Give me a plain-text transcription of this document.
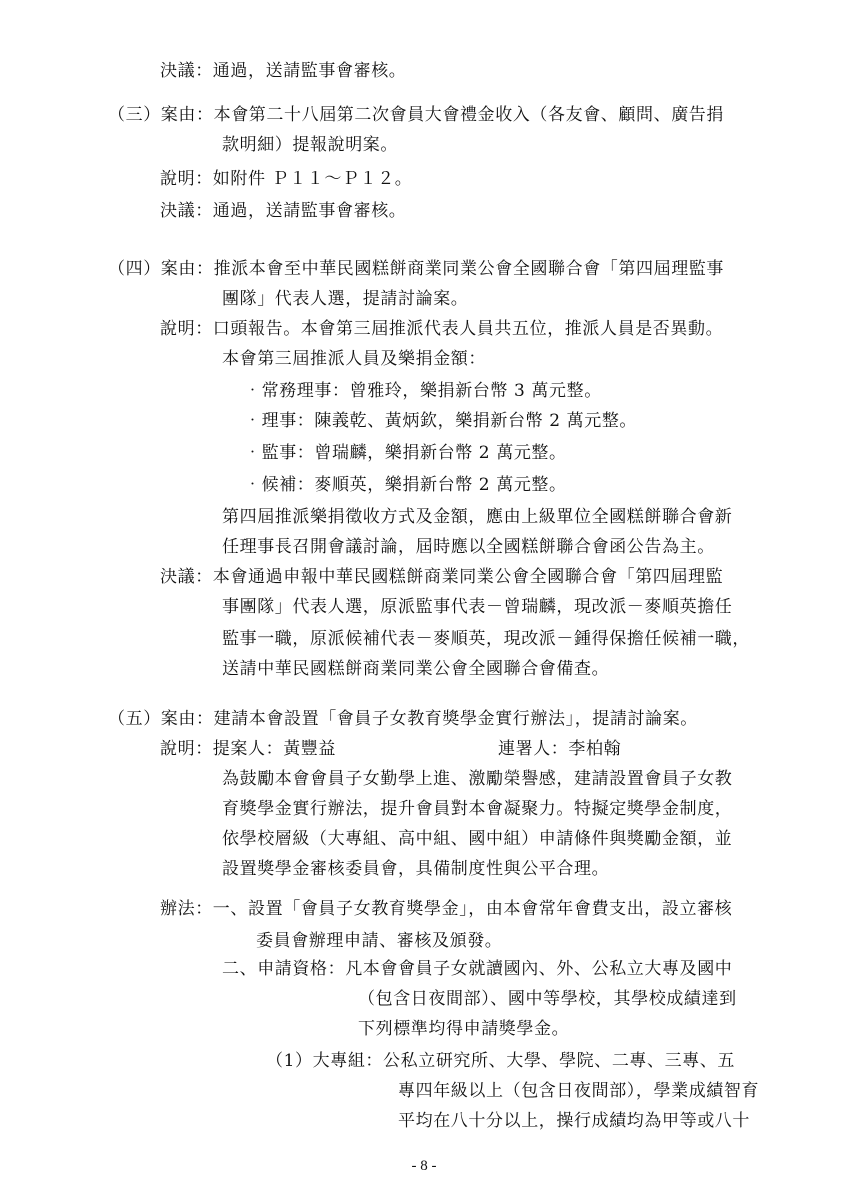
決議：通過，送請監事會審核。
（三）案由：本會第二十八屆第二次會員大會禮金收入（各友會、顧問、廣告捐
款明細）提報說明案。
說明：如附件 Ｐ１１～Ｐ１２。
決議：通過，送請監事會審核。
（四）案由：推派本會至中華民國糕餅商業同業公會全國聯合會「第四屆理監事
團隊」代表人選，提請討論案。
說明：口頭報告。本會第三屆推派代表人員共五位，推派人員是否異動。
本會第三屆推派人員及樂捐金額：
‧常務理事：曾雅玲，樂捐新台幣 3 萬元整。
‧理事：陳義乾、黃炳欽，樂捐新台幣 2 萬元整。
‧監事：曾瑞麟，樂捐新台幣 2 萬元整。
‧候補：麥順英，樂捐新台幣 2 萬元整。
第四屆推派樂捐徵收方式及金額，應由上級單位全國糕餅聯合會新
任理事長召開會議討論，屆時應以全國糕餅聯合會函公告為主。
決議：本會通過申報中華民國糕餅商業同業公會全國聯合會「第四屆理監
事團隊」代表人選，原派監事代表－曾瑞麟，現改派－麥順英擔任
監事一職，原派候補代表－麥順英，現改派－鍾得保擔任候補一職，
送請中華民國糕餅商業同業公會全國聯合會備查。
（五）案由：建請本會設置「會員子女教育獎學金實行辦法」，提請討論案。
說明：提案人：黃豐益	連署人：李柏翰
為鼓勵本會會員子女勤學上進、激勵榮譽感，建請設置會員子女教
育獎學金實行辦法，提升會員對本會凝聚力。特擬定獎學金制度，
依學校層級（大專組、高中組、國中組）申請條件與獎勵金額，並
設置獎學金審核委員會，具備制度性與公平合理。
辦法：一、設置「會員子女教育獎學金」，由本會常年會費支出，設立審核
委員會辦理申請、審核及頒發。
二、申請資格：凡本會會員子女就讀國內、外、公私立大專及國中
（包含日夜間部）、國中等學校，其學校成績達到
下列標準均得申請獎學金。
（1）大專組：公私立研究所、大學、學院、二專、三專、五
專四年級以上（包含日夜間部），學業成績智育
平均在八十分以上，操行成績均為甲等或八十
- 8 -
